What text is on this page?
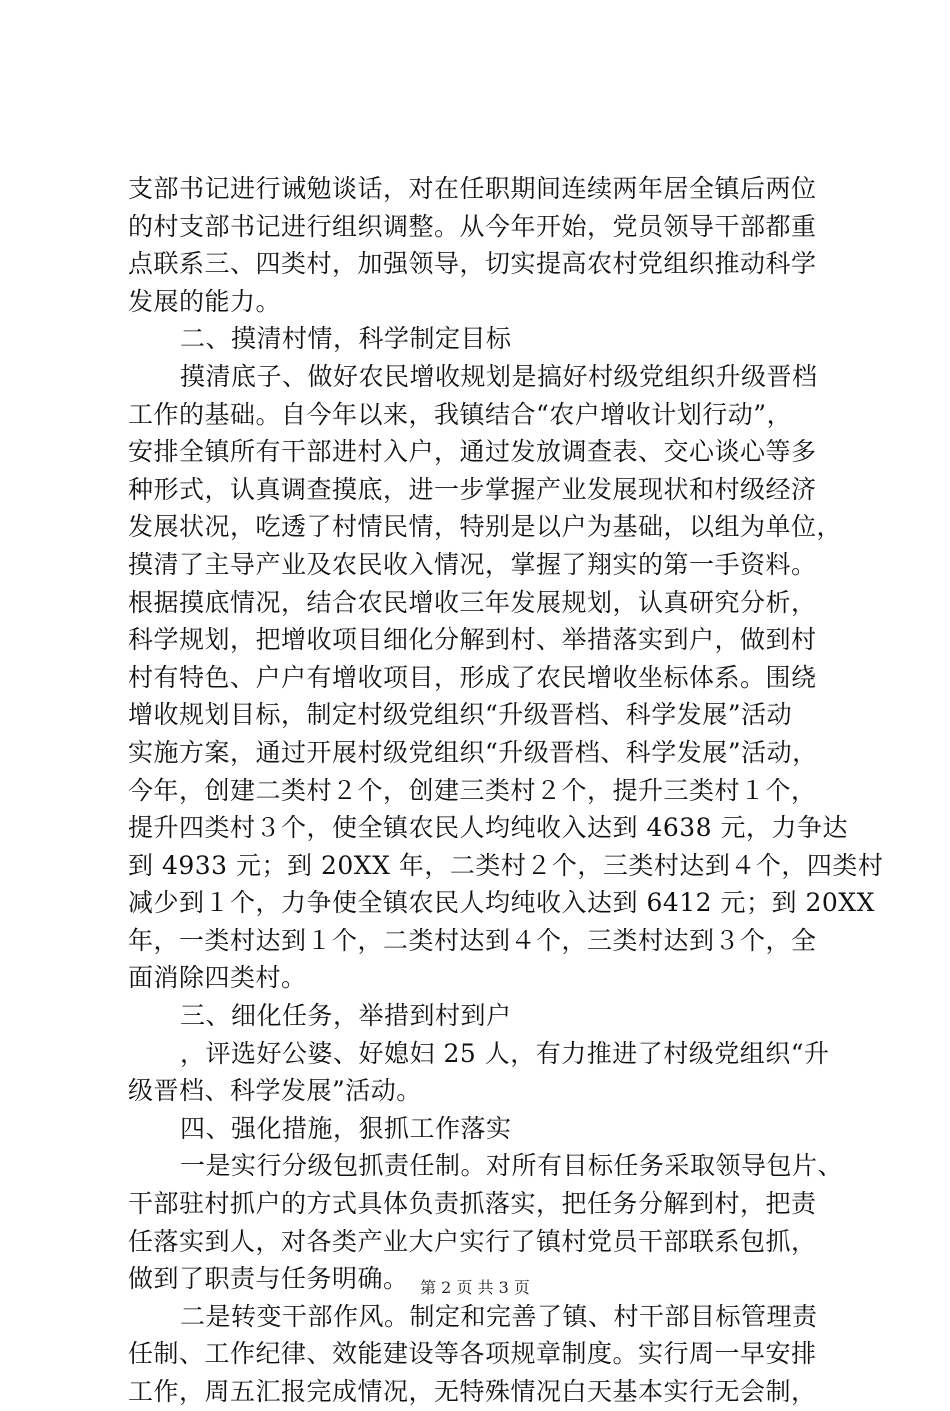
支部书记进行诫勉谈话，对在任职期间连续两年居全镇后两位
的村支部书记进行组织调整。从今年开始，党员领导干部都重
点联系三、四类村，加强领导，切实提高农村党组织推动科学
发展的能力。
二、摸清村情，科学制定目标
摸清底子、做好农民增收规划是搞好村级党组织升级晋档
工作的基础。自今年以来，我镇结合“农户增收计划行动”，
安排全镇所有干部进村入户，通过发放调查表、交心谈心等多
种形式，认真调查摸底，进一步掌握产业发展现状和村级经济
发展状况，吃透了村情民情，特别是以户为基础，以组为单位，
摸清了主导产业及农民收入情况，掌握了翔实的第一手资料。
根据摸底情况，结合农民增收三年发展规划，认真研究分析，
科学规划，把增收项目细化分解到村、举措落实到户，做到村
村有特色、户户有增收项目，形成了农民增收坐标体系。围绕
增收规划目标，制定村级党组织“升级晋档、科学发展”活动
实施方案，通过开展村级党组织“升级晋档、科学发展”活动，
今年，创建二类村２个，创建三类村２个，提升三类村１个，
提升四类村３个，使全镇农民人均纯收入达到 4638 元，力争达
到 4933 元；到 20XX 年，二类村２个，三类村达到４个，四类村
减少到１个，力争使全镇农民人均纯收入达到 6412 元；到 20XX
年，一类村达到１个，二类村达到４个，三类村达到３个，全
面消除四类村。
三、细化任务，举措到村到户
，评选好公婆、好媳妇 25 人，有力推进了村级党组织“升
级晋档、科学发展”活动。
四、强化措施，狠抓工作落实
一是实行分级包抓责任制。对所有目标任务采取领导包片、
干部驻村抓户的方式具体负责抓落实，把任务分解到村，把责
任落实到人，对各类产业大户实行了镇村党员干部联系包抓，
做到了职责与任务明确。
二是转变干部作风。制定和完善了镇、村干部目标管理责
任制、工作纪律、效能建设等各项规章制度。实行周一早安排
工作，周五汇报完成情况，无特殊情况白天基本实行无会制，
第 2 页 共 3 页
